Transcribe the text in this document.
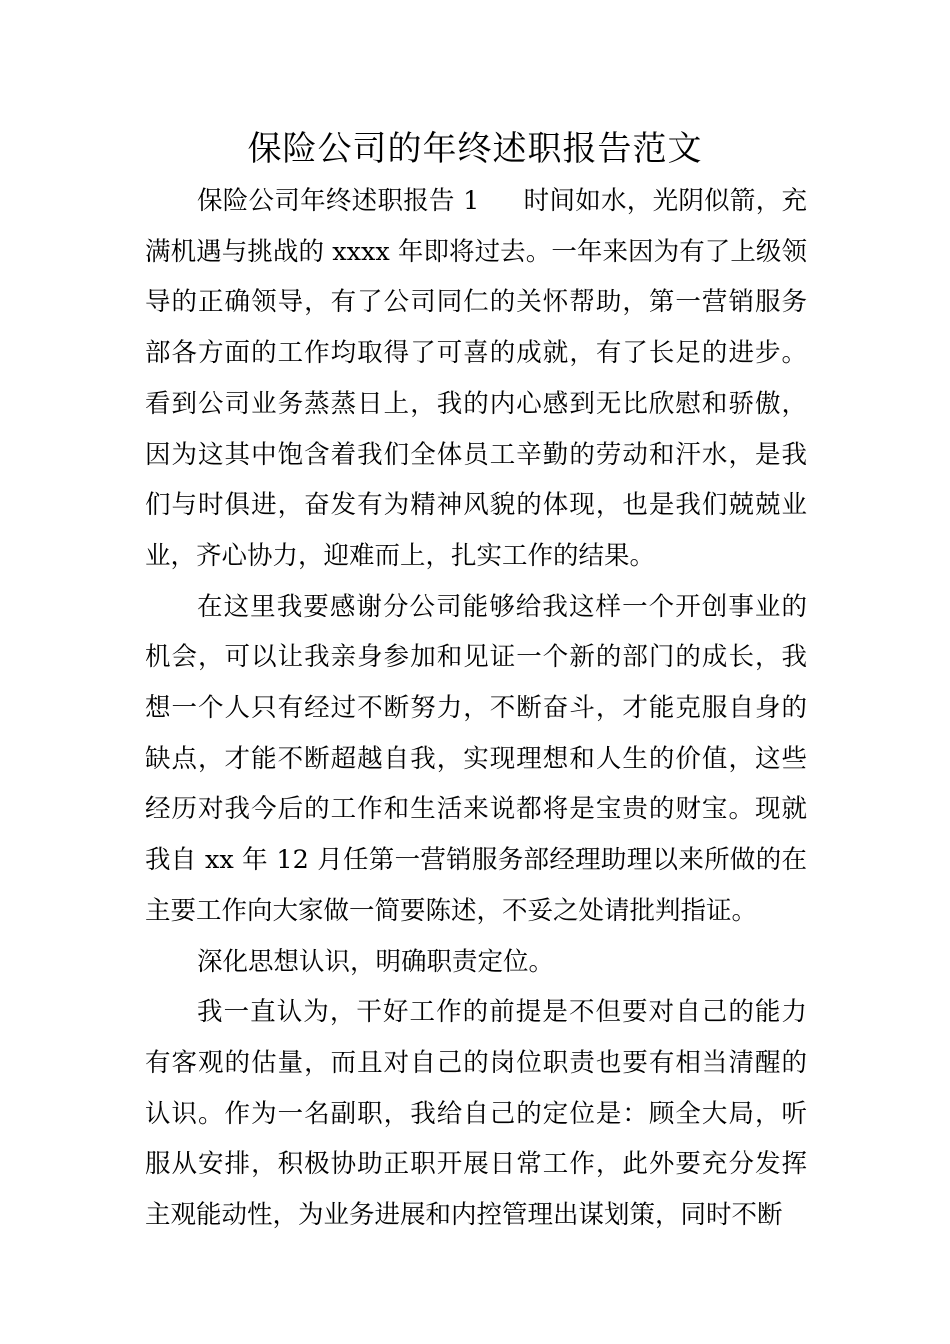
保险公司的年终述职报告范文

保险公司年终述职报告 1 时间如水，光阴似箭，充满机遇与挑战的 xxxx 年即将过去。一年来因为有了上级领导的正确领导，有了公司同仁的关怀帮助，第一营销服务部各方面的工作均取得了可喜的成就，有了长足的进步。看到公司业务蒸蒸日上，我的内心感到无比欣慰和骄傲，因为这其中饱含着我们全体员工辛勤的劳动和汗水，是我们与时俱进，奋发有为精神风貌的体现，也是我们兢兢业业，齐心协力，迎难而上，扎实工作的结果。

在这里我要感谢分公司能够给我这样一个开创事业的机会，可以让我亲身参加和见证一个新的部门的成长，我想一个人只有经过不断努力，不断奋斗，才能克服自身的缺点，才能不断超越自我，实现理想和人生的价值，这些经历对我今后的工作和生活来说都将是宝贵的财宝。现就我自 xx 年 12 月任第一营销服务部经理助理以来所做的在主要工作向大家做一简要陈述，不妥之处请批判指证。

深化思想认识，明确职责定位。

我一直认为，干好工作的前提是不但要对自己的能力有客观的估量，而且对自己的岗位职责也要有相当清醒的认识。作为一名副职，我给自己的定位是：顾全大局，听服从安排，积极协助正职开展日常工作，此外要充分发挥主观能动性，为业务进展和内控管理出谋划策，同时不断
